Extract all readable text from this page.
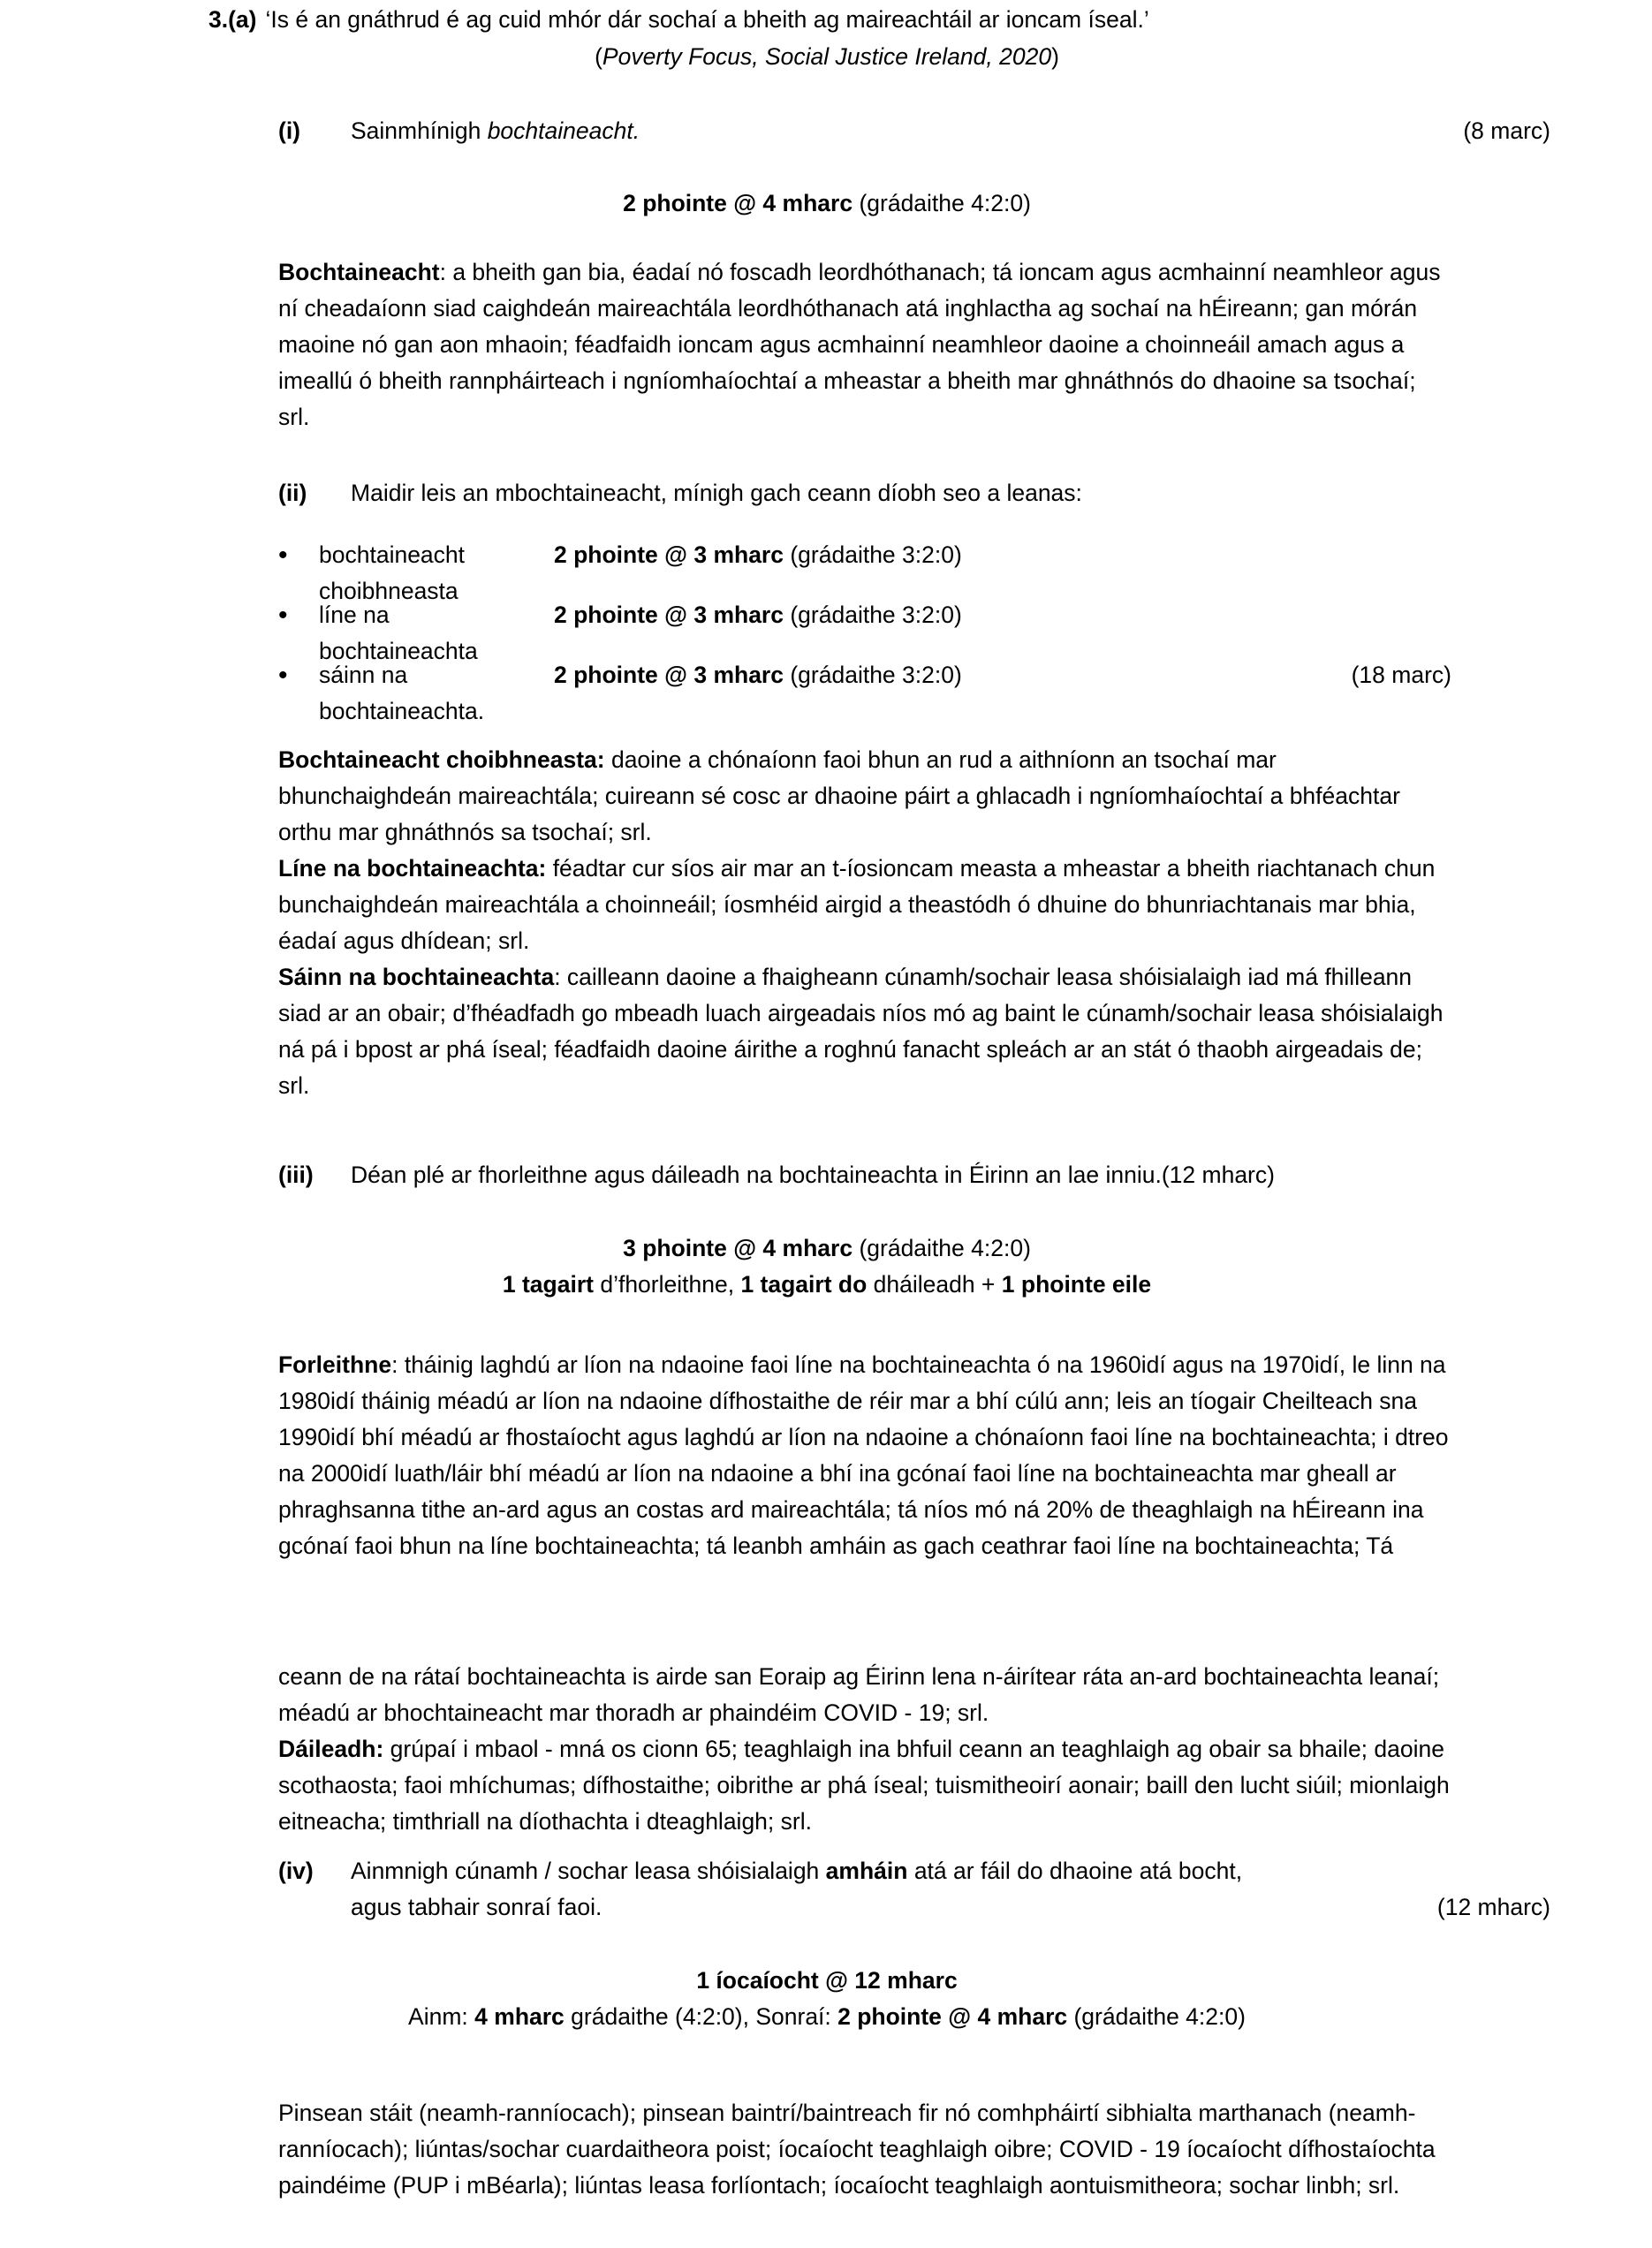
3.(a) ‘Is é an gnáthrud é ag cuid mhór dár sochaí a bheith ag maireachtáil ar ioncam íseal.’
(Poverty Focus, Social Justice Ireland, 2020)
(i)	Sainmhínigh bochtaineacht.	(8 marc)
2 phointe @ 4 mharc (grádaithe 4:2:0)
Bochtaineacht: a bheith gan bia, éadaí nó foscadh leordhóthanach; tá ioncam agus acmhainní neamhleor agus ní cheadaíonn siad caighdeán maireachtála leordhóthanach atá inghlactha ag sochaí na hÉireann; gan mórán maoine nó gan aon mhaoin; féadfaidh ioncam agus acmhainní neamhleor daoine a choinneáil amach agus a imeallú ó bheith rannpháirteach i ngníomhaíochtaí a mheastar a bheith mar ghnáthnós do dhaoine sa tsochaí; srl.
(ii)	Maidir leis an mbochtaineacht, mínigh gach ceann díobh seo a leanas:
•	bochtaineacht choibhneasta
2 phointe @ 3 mharc (grádaithe 3:2:0)
•	líne na bochtaineachta
2 phointe @ 3 mharc (grádaithe 3:2:0)
•	sáinn na bochtaineachta.
2 phointe @ 3 mharc (grádaithe 3:2:0)	(18 marc)
Bochtaineacht choibhneasta: daoine a chónaíonn faoi bhun an rud a aithníonn an tsochaí mar bhunchaighdeán maireachtála; cuireann sé cosc ar dhaoine páirt a ghlacadh i ngníomhaíochtaí a bhféachtar orthu mar ghnáthnós sa tsochaí; srl.
Líne na bochtaineachta: féadtar cur síos air mar an t-íosioncam measta a mheastar a bheith riachtanach chun bunchaighdeán maireachtála a choinneáil; íosmhéid airgid a theastódh ó dhuine do bhunriachtanais mar bhia, éadaí agus dhídean; srl.
Sáinn na bochtaineachta: cailleann daoine a fhaigheann cúnamh/sochair leasa shóisialaigh iad má fhilleann siad ar an obair; d’fhéadfadh go mbeadh luach airgeadais níos mó ag baint le cúnamh/sochair leasa shóisialaigh ná pá i bpost ar phá íseal; féadfaidh daoine áirithe a roghnú fanacht spleách ar an stát ó thaobh airgeadais de; srl.
(iii)	Déan plé ar fhorleithne agus dáileadh na bochtaineachta in Éirinn an lae inniu.(12 mharc)
3 phointe @ 4 mharc (grádaithe 4:2:0)
1 tagairt d’fhorleithne, 1 tagairt do dháileadh + 1 phointe eile
Forleithne: tháinig laghdú ar líon na ndaoine faoi líne na bochtaineachta ó na 1960idí agus na 1970idí, le linn na 1980idí tháinig méadú ar líon na ndaoine dífhostaithe de réir mar a bhí cúlú ann; leis an tíogair Cheilteach sna 1990idí bhí méadú ar fhostaíocht agus laghdú ar líon na ndaoine a chónaíonn faoi líne na bochtaineachta; i dtreo na 2000idí luath/láir bhí méadú ar líon na ndaoine a bhí ina gcónaí faoi líne na bochtaineachta mar gheall ar phraghsanna tithe an-ard agus an costas ard maireachtála; tá níos mó ná 20% de theaghlaigh na hÉireann ina gcónaí faoi bhun na líne bochtaineachta; tá leanbh amháin as gach ceathrar faoi líne na bochtaineachta; Tá
ceann de na rátaí bochtaineachta is airde san Eoraip ag Éirinn lena n-áirítear ráta an-ard bochtaineachta leanaí; méadú ar bhochtaineacht mar thoradh ar phaindéim COVID - 19; srl.
Dáileadh: grúpaí i mbaol - mná os cionn 65; teaghlaigh ina bhfuil ceann an teaghlaigh ag obair sa bhaile; daoine scothaosta; faoi mhíchumas; dífhostaithe; oibrithe ar phá íseal; tuismitheoirí aonair; baill den lucht siúil; mionlaigh eitneacha; timthriall na díothachta i dteaghlaigh; srl.
(iv)	Ainmnigh cúnamh / sochar leasa shóisialaigh amháin atá ar fáil do dhaoine atá bocht,
agus tabhair sonraí faoi.	(12 mharc)
1 íocaíocht @ 12 mharc
Ainm: 4 mharc grádaithe (4:2:0), Sonraí: 2 phointe @ 4 mharc (grádaithe 4:2:0)
Pinsean stáit (neamh-ranníocach); pinsean baintrí/baintreach fir nó comhpháirtí sibhialta marthanach (neamh-ranníocach); liúntas/sochar cuardaitheora poist; íocaíocht teaghlaigh oibre; COVID - 19 íocaíocht dífhostaíochta paindéime (PUP i mBéarla); liúntas leasa forlíontach; íocaíocht teaghlaigh aontuismitheora; sochar linbh; srl.
